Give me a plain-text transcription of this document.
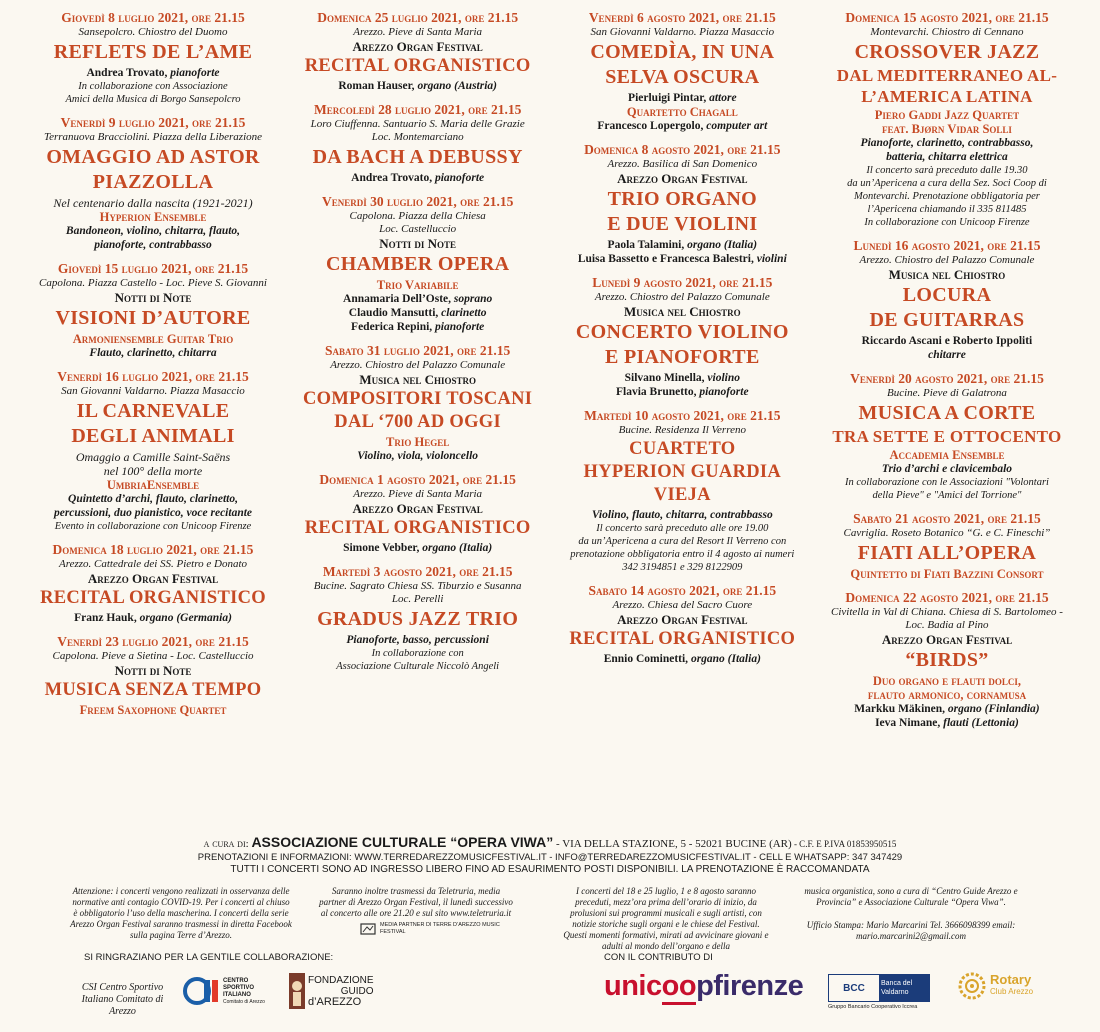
Giovedì 8 luglio 2021, ore 21.15
Sansepolcro. Chiostro del Duomo
REFLETS DE L’AME
Andrea Trovato, pianoforte
In collaborazione con Associazione
Amici della Musica di Borgo Sansepolcro
Venerdì 9 luglio 2021, ore 21.15
Terranuova Bracciolini. Piazza della Liberazione
OMAGGIO AD ASTOR
PIAZZOLLA
Nel centenario dalla nascita (1921-2021)
Hyperion Ensemble
Bandoneon, violino, chitarra, flauto,
pianoforte, contrabbasso
Giovedì 15 luglio 2021, ore 21.15
Capolona. Piazza Castello - Loc. Pieve S. Giovanni
Notti di Note
VISIONI D’AUTORE
Armoniensemble Guitar Trio
Flauto, clarinetto, chitarra
Venerdì 16 luglio 2021, ore 21.15
San Giovanni Valdarno. Piazza Masaccio
IL CARNEVALE
DEGLI ANIMALI
Omaggio a Camille Saint-Saëns
nel 100° della morte
UmbriaEnsemble
Quintetto d’archi, flauto, clarinetto,
percussioni, duo pianistico, voce recitante
Evento in collaborazione con Unicoop Firenze
Domenica 18 luglio 2021, ore 21.15
Arezzo. Cattedrale dei SS. Pietro e Donato
Arezzo Organ Festival
RECITAL ORGANISTICO
Franz Hauk, organo (Germania)
Venerdì 23 luglio 2021, ore 21.15
Capolona. Pieve a Sietina - Loc. Castelluccio
Notti di Note
MUSICA SENZA TEMPO
Freem Saxophone Quartet
Domenica 25 luglio 2021, ore 21.15
Arezzo. Pieve di Santa Maria
Arezzo Organ Festival
RECITAL ORGANISTICO
Roman Hauser, organo (Austria)
Mercoledì 28 luglio 2021, ore 21.15
Loro Ciuffenna. Santuario S. Maria delle Grazie
Loc. Montemarciano
DA BACH A DEBUSSY
Andrea Trovato, pianoforte
Venerdì 30 luglio 2021, ore 21.15
Capolona. Piazza della Chiesa
Loc. Castelluccio
Notti di Note
CHAMBER OPERA
Trio Variabile
Annamaria Dell’Oste, soprano
Claudio Mansutti, clarinetto
Federica Repini, pianoforte
Sabato 31 luglio 2021, ore 21.15
Arezzo. Chiostro del Palazzo Comunale
Musica nel Chiostro
COMPOSITORI TOSCANI
DAL ‘700 AD OGGI
Trio Hegel
Violino, viola, violoncello
Domenica 1 agosto 2021, ore 21.15
Arezzo. Pieve di Santa Maria
Arezzo Organ Festival
RECITAL ORGANISTICO
Simone Vebber, organo (Italia)
Martedì 3 agosto 2021, ore 21.15
Bucine. Sagrato Chiesa SS. Tiburzio e Susanna
Loc. Perelli
GRADUS JAZZ TRIO
Pianoforte, basso, percussioni
In collaborazione con
Associazione Culturale Niccolò Angeli
Venerdì 6 agosto 2021, ore 21.15
San Giovanni Valdarno. Piazza Masaccio
COMEDÌA, IN UNA
SELVA OSCURA
Pierluigi Pintar, attore
Quartetto Chagall
Francesco Lopergolo, computer art
Domenica 8 agosto 2021, ore 21.15
Arezzo. Basilica di San Domenico
Arezzo Organ Festival
TRIO ORGANO
E DUE VIOLINI
Paola Talamini, organo (Italia)
Luisa Bassetto e Francesca Balestri, violini
Lunedì 9 agosto 2021, ore 21.15
Arezzo. Chiostro del Palazzo Comunale
Musica nel Chiostro
CONCERTO VIOLINO
E PIANOFORTE
Silvano Minella, violino
Flavia Brunetto, pianoforte
Martedì 10 agosto 2021, ore 21.15
Bucine. Residenza Il Verreno
CUARTETO
HYPERION GUARDIA
VIEJA
Violino, flauto, chitarra, contrabbasso
Il concerto sarà preceduto alle ore 19.00
da un’Apericena a cura del Resort Il Verreno con
prenotazione obbligatoria entro il 4 agosto ai numeri
342 3194851 e 329 8122909
Sabato 14 agosto 2021, ore 21.15
Arezzo. Chiesa del Sacro Cuore
Arezzo Organ Festival
RECITAL ORGANISTICO
Ennio Cominetti, organo (Italia)
Domenica 15 agosto 2021, ore 21.15
Montevarchi. Chiostro di Cennano
CROSSOVER JAZZ
DAL MEDITERRANEO AL-
L’AMERICA LATINA
Piero Gaddi Jazz Quartet
feat. Bjørn Vidar Solli
Pianoforte, clarinetto, contrabbasso,
batteria, chitarra elettrica
Il concerto sarà preceduto dalle 19.30
da un’Apericena a cura della Sez. Soci Coop di
Montevarchi. Prenotazione obbligatoria per
l’Apericena chiamando il 335 811485
In collaborazione con Unicoop Firenze
Lunedì 16 agosto 2021, ore 21.15
Arezzo. Chiostro del Palazzo Comunale
Musica nel Chiostro
LOCURA
DE GUITARRAS
Riccardo Ascani e Roberto Ippoliti
chitarre
Venerdì 20 agosto 2021, ore 21.15
Bucine. Pieve di Galatrona
MUSICA A CORTE
TRA SETTE E OTTOCENTO
Accademia Ensemble
Trio d’archi e clavicembalo
In collaborazione con le Associazioni "Volontari
della Pieve" e "Amici del Torrione"
Sabato 21 agosto 2021, ore 21.15
Cavriglia. Roseto Botanico “G. e C. Fineschi”
FIATI ALL’OPERA
Quintetto di Fiati Bazzini Consort
Domenica 22 agosto 2021, ore 21.15
Civitella in Val di Chiana. Chiesa di S. Bartolomeo -
Loc. Badia al Pino
Arezzo Organ Festival
“BIRDS”
Duo organo e flauti dolci,
flauto armonico, cornamusa
Markku Mäkinen, organo (Finlandia)
Ieva Nimane, flauti (Lettonia)
a cura di: ASSOCIAZIONE CULTURALE “OPERA VIWA” - VIA DELLA STAZIONE, 5 - 52021 BUCINE (AR) - C.F. E P.IVA 01853950515
PRENOTAZIONI E INFORMAZIONI: WWW.TERREDAREZZOMUSICFESTIVAL.IT - INFO@TERREDAREZZOMUSICFESTIVAL.IT - CELL E WHATSAPP: 347 347429
TUTTI I CONCERTI SONO AD INGRESSO LIBERO FINO AD ESAURIMENTO POSTI DISPONIBILI. LA PRENOTAZIONE È RACCOMANDATA
Attenzione: i concerti vengono realizzati in osservanza delle normative anti contagio COVID-19. Per i concerti al chiuso è obbligatorio l’uso della mascherina. I concerti della serie Arezzo Organ Festival saranno trasmessi in diretta Facebook sulla pagina Terre d’Arezzo.
Saranno inoltre trasmessi da Teletruria, media partner di Arezzo Organ Festival, il lunedì successivo al concerto alle ore 21.20 e sul sito www.teletruria.it
MEDIA PARTNER DI TERRE D’AREZZO MUSIC FESTIVAL
I concerti del 18 e 25 luglio, 1 e 8 agosto saranno preceduti, mezz’ora prima dell’orario di inizio, da prolusioni sui programmi musicali e sugli artisti, con notizie storiche sugli organi e le chiese del Festival. Questi momenti formativi, mirati ad avvicinare giovani e adulti al mondo dell’organo e della
musica organistica, sono a cura di “Centro Guide Arezzo e Provincia” e Associazione Culturale “Opera Viwa”.
Ufficio Stampa: Mario Marcarini Tel. 3666098399 email: mario.marcarini2@gmail.com
SI RINGRAZIANO PER LA GENTILE COLLABORAZIONE:	CON IL CONTRIBUTO DI
CSI Centro Sportivo Italiano Comitato di Arezzo
CENTRO SPORTIVO ITALIANO
Comitato di Arezzo
FONDAZIONE
GUIDO
d’AREZZO	unicoopfirenze	BCC	Banca del
Valdarno
Gruppo Bancario Cooperativo Iccrea
Rotary
Club Arezzo
